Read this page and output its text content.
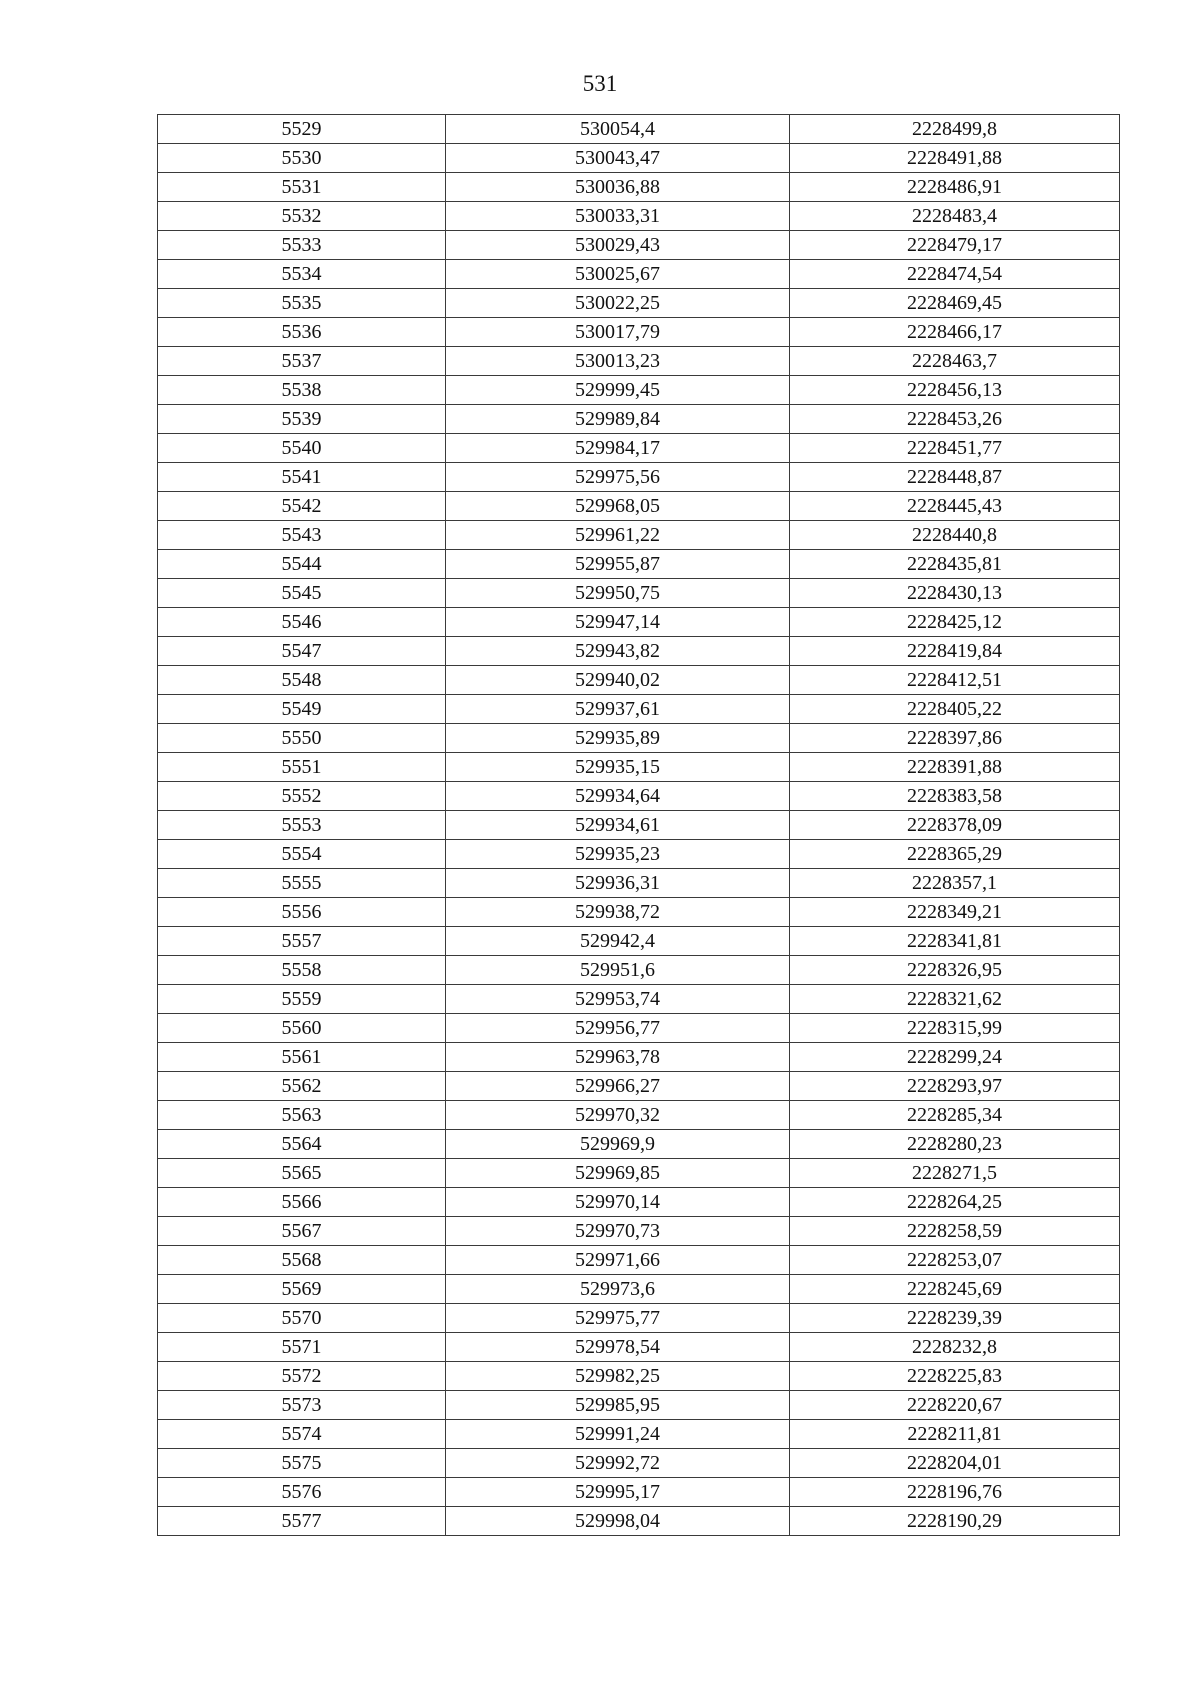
531
5529	530054,4	2228499,8
5530	530043,47	2228491,88
5531	530036,88	2228486,91
5532	530033,31	2228483,4
5533	530029,43	2228479,17
5534	530025,67	2228474,54
5535	530022,25	2228469,45
5536	530017,79	2228466,17
5537	530013,23	2228463,7
5538	529999,45	2228456,13
5539	529989,84	2228453,26
5540	529984,17	2228451,77
5541	529975,56	2228448,87
5542	529968,05	2228445,43
5543	529961,22	2228440,8
5544	529955,87	2228435,81
5545	529950,75	2228430,13
5546	529947,14	2228425,12
5547	529943,82	2228419,84
5548	529940,02	2228412,51
5549	529937,61	2228405,22
5550	529935,89	2228397,86
5551	529935,15	2228391,88
5552	529934,64	2228383,58
5553	529934,61	2228378,09
5554	529935,23	2228365,29
5555	529936,31	2228357,1
5556	529938,72	2228349,21
5557	529942,4	2228341,81
5558	529951,6	2228326,95
5559	529953,74	2228321,62
5560	529956,77	2228315,99
5561	529963,78	2228299,24
5562	529966,27	2228293,97
5563	529970,32	2228285,34
5564	529969,9	2228280,23
5565	529969,85	2228271,5
5566	529970,14	2228264,25
5567	529970,73	2228258,59
5568	529971,66	2228253,07
5569	529973,6	2228245,69
5570	529975,77	2228239,39
5571	529978,54	2228232,8
5572	529982,25	2228225,83
5573	529985,95	2228220,67
5574	529991,24	2228211,81
5575	529992,72	2228204,01
5576	529995,17	2228196,76
5577	529998,04	2228190,29
